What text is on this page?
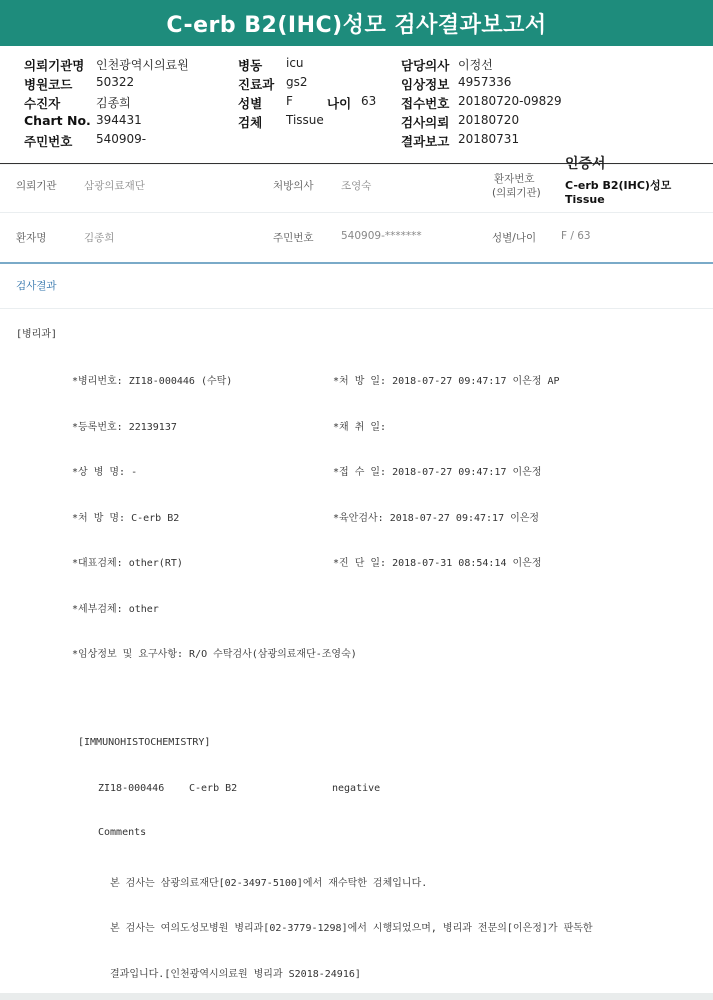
C-erb B2(IHC)성모 검사결과보고서
의뢰기관명 인천광역시의료원	병동 icu	담당의사 이정선
병원코드 50322	진료과 gs2	임상정보 4957336
수진자	김종희	성별 F	나이 63 접수번호 20180720-09829
Chart No. 394431	검체 Tissue	검사의뢰 20180720
주민번호 540909-	결과보고 20180731
인증서
C-erb B2(IHC)성모
Tissue
의뢰기관	삼광의료재단	처방의사	조영숙
환자번호
(의뢰기관)
환자명	김종희	주민번호	540909-*******	성별/나이 F / 63
검사결과
[병리과]
*병리번호: ZI18-000446 (수탁)	*처 방 일: 2018-07-27 09:47:17 이은정 AP
*등록번호: 22139137	*채 취 일:
*상 병 명: -	*접 수 일: 2018-07-27 09:47:17 이은정
*처 방 명: C-erb B2	*육안검사: 2018-07-27 09:47:17 이은정
*대표검체: other(RT)	*진 단 일: 2018-07-31 08:54:14 이은정
*세부검체: other
*임상정보 및 요구사항: R/O 수탁검사(삼광의료재단-조영숙)
[IMMUNOHISTOCHEMISTRY]
ZI18-000446 C-erb B2	negative
Comments
본 검사는 삼광의료재단[02-3497-5100]에서 재수탁한 검체입니다.
본 검사는 여의도성모병원 병리과[02-3779-1298]에서 시행되었으며, 병리과 전문의[이은정]가 판독한
결과입니다.[인천광역시의료원 병리과 S2018-24916]
